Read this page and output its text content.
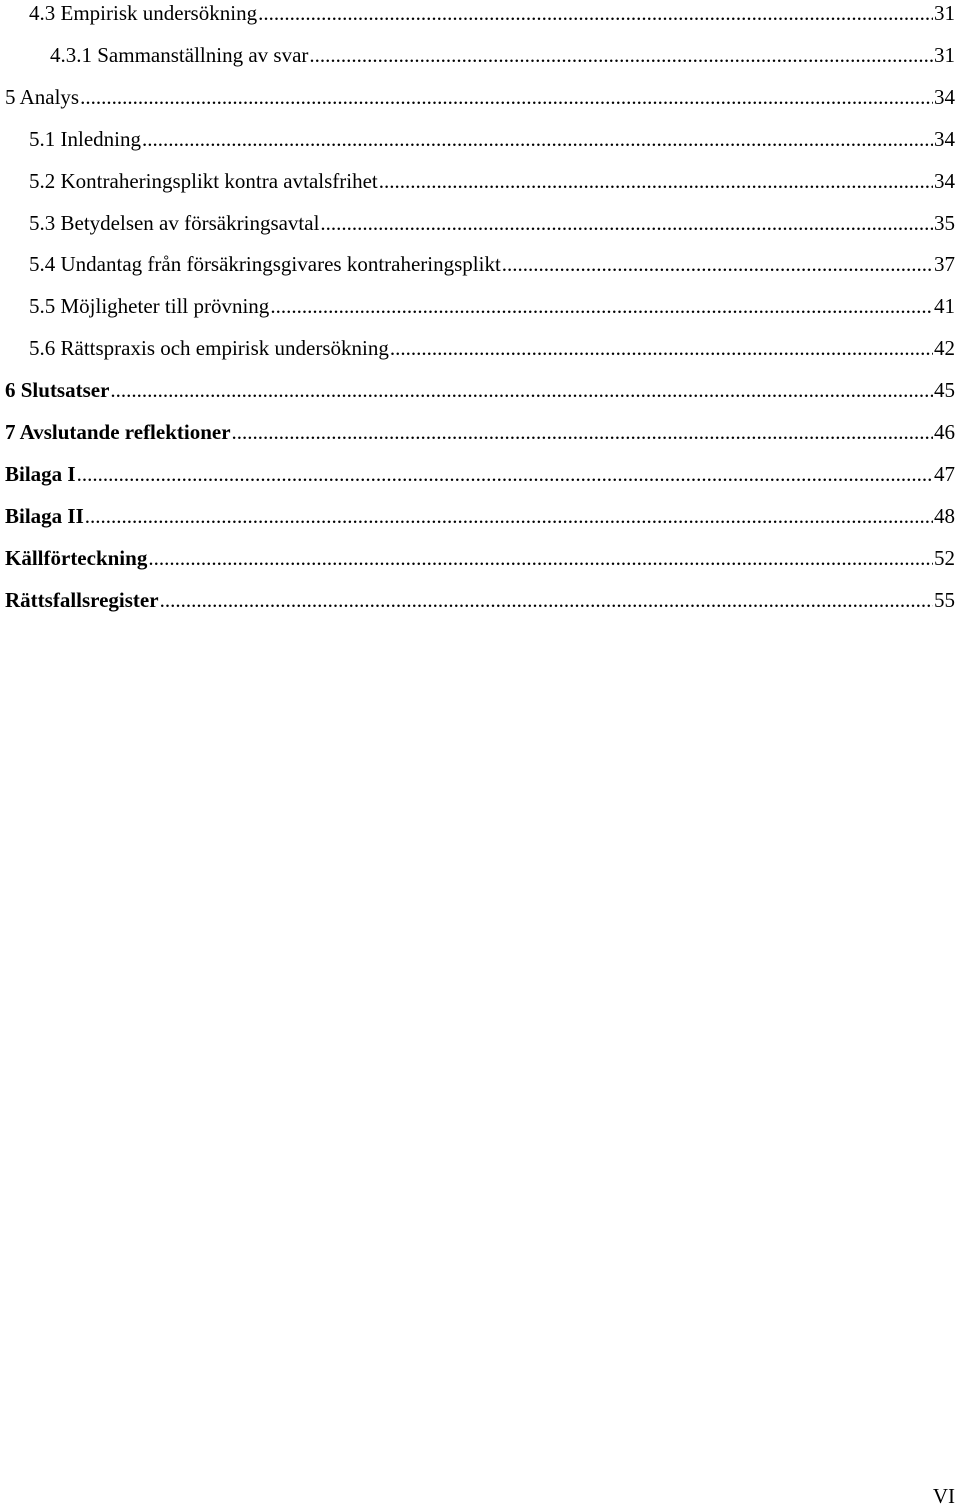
4.3 Empirisk undersökning .....	31
4.3.1 Sammanställning av svar .....	31
5 Analys .....	34
5.1 Inledning .....	34
5.2 Kontraheringsplikt kontra avtalsfrihet .....	34
5.3 Betydelsen av försäkringsavtal .....	35
5.4 Undantag från försäkringsgivares kontraheringsplikt .....	37
5.5 Möjligheter till prövning .....	41
5.6 Rättspraxis och empirisk undersökning .....	42
6 Slutsatser .....	45
7 Avslutande reflektioner .....	46
Bilaga I .....	47
Bilaga II .....	48
Källförteckning .....	52
Rättsfallsregister .....	55
VI
